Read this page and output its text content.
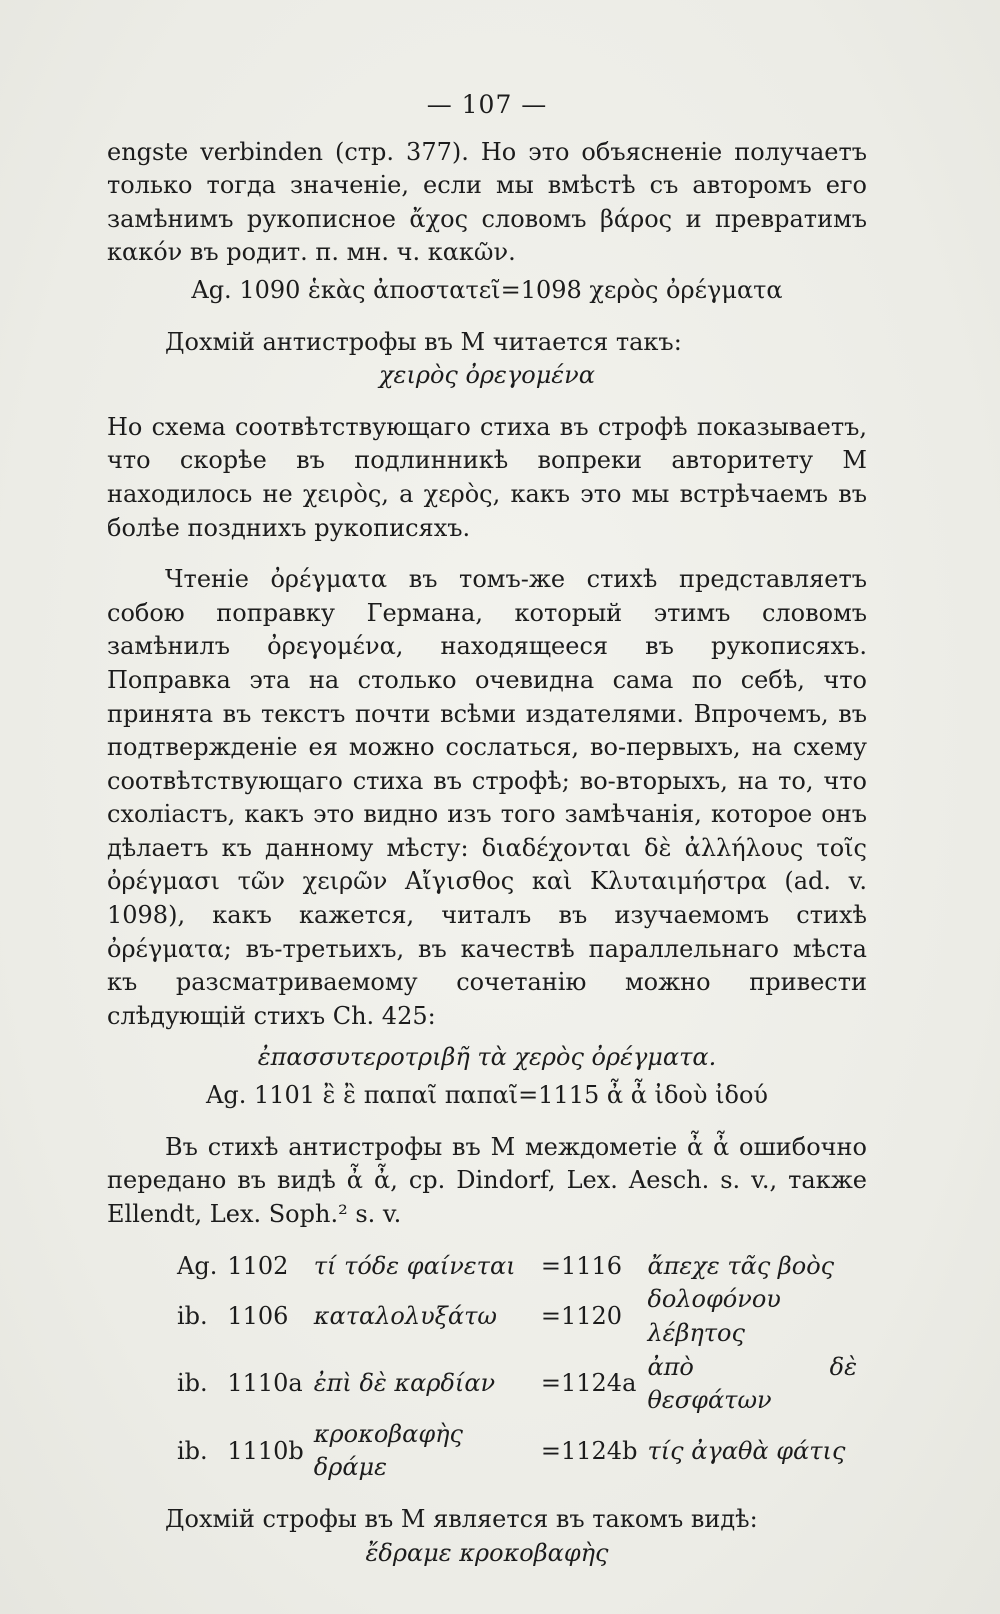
— 107 —

engste verbinden (стр. 377). Но это объясненіе получаетъ только тогда значеніе, если мы вмѣстѣ съ авторомъ его замѣнимъ рукописное ἄχος словомъ βάρος и превратимъ κακόν въ родит. п. мн. ч. κακῶν.

Ag. 1090 ἑκὰς ἀποστατεῖ=1098 χερὸς ὀρέγματα

Дохмій антистрофы въ M читается такъ:

χειρὸς ὀρεγομένα

Но схема соотвѣтствующаго стиха въ строфѣ показываетъ, что скорѣе въ подлинникѣ вопреки авторитету M находилось не χειρὸς, а χερὸς, какъ это мы встрѣчаемъ въ болѣе позднихъ рукописяхъ.

Чтеніе ὀρέγματα въ томъ-же стихѣ представляетъ собою поправку Германа, который этимъ словомъ замѣнилъ ὀρεγομένα, находящееся въ рукописяхъ. Поправка эта на столько очевидна сама по себѣ, что принята въ текстъ почти всѣми издателями. Впрочемъ, въ подтвержденіе ея можно сослаться, во-первыхъ, на схему соотвѣтствующаго стиха въ строфѣ; во-вторыхъ, на то, что схоліастъ, какъ это видно изъ того замѣчанія, которое онъ дѣлаетъ къ данному мѣсту: διαδέχονται δὲ ἀλλήλους τοῖς ὀρέγμασι τῶν χειρῶν Αἴγισθος καὶ Κλυταιμήστρα (ad. v. 1098), какъ кажется, читалъ въ изучаемомъ стихѣ ὀρέγματα; въ-третьихъ, въ качествѣ параллельнаго мѣста къ разсматриваемому сочетанію можно привести слѣдующій стихъ Ch. 425:

ἐπασσυτεροτριβῆ τὰ χερὸς ὀρέγματα.

Ag. 1101 ἒ ἒ παπαῖ παπαῖ=1115 ἆ ἆ ἰδοὺ ἰδού

Въ стихѣ антистрофы въ M междометіе ἆ ἆ ошибочно передано въ видѣ ἆ ἆ, ср. Dindorf, Lex. Aesch. s. v., также Ellendt, Lex. Soph.² s. v.

Ag.	1102	τί τόδε φαίνεται	=1116	ἄπεχε τᾶς βοὸς
ib.	1106	καταλολυξάτω	=1120	δολοφόνου λέβητος
ib.	1110a	ἐπὶ δὲ καρδίαν	=1124a	ἀπὸ δὲ θεσφάτων
ib.	1110b	κροκοβαφὴς δράμε	=1124b	τίς ἀγαθὰ φάτις

Дохмій строфы въ M является въ такомъ видѣ:

ἔδραμε κροκοβαφὴς
